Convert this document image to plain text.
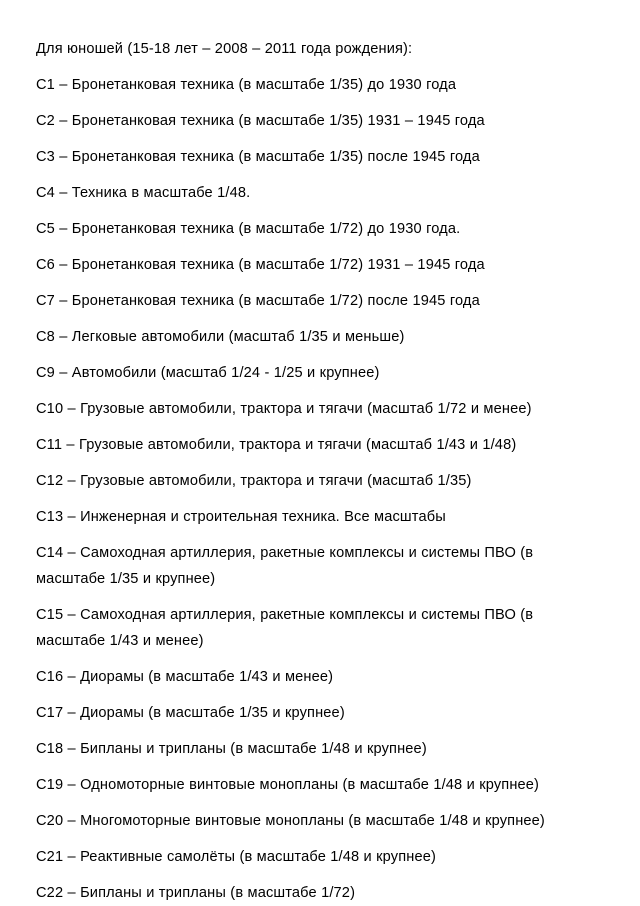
Для юношей (15-18 лет – 2008 – 2011 года рождения):

C1 – Бронетанковая техника (в масштабе 1/35) до 1930 года

C2 – Бронетанковая техника (в масштабе 1/35) 1931 – 1945 года

C3 – Бронетанковая техника (в масштабе 1/35) после 1945 года

C4 – Техника в масштабе 1/48.

C5 – Бронетанковая техника (в масштабе 1/72) до 1930 года.

C6 – Бронетанковая техника (в масштабе 1/72) 1931 – 1945 года

C7 – Бронетанковая техника (в масштабе 1/72) после 1945 года

C8 – Легковые автомобили (масштаб 1/35 и меньше)

C9 – Автомобили (масштаб 1/24 - 1/25 и крупнее)

C10 – Грузовые автомобили, трактора и тягачи (масштаб 1/72 и менее)

C11 – Грузовые автомобили, трактора и тягачи (масштаб 1/43 и 1/48)

C12 – Грузовые автомобили, трактора и тягачи (масштаб 1/35)

C13 – Инженерная и строительная техника. Все масштабы

C14 – Самоходная артиллерия, ракетные комплексы и системы ПВО (в масштабе 1/35 и крупнее)

C15 – Самоходная артиллерия, ракетные комплексы и системы ПВО (в масштабе 1/43 и менее)

C16 – Диорамы (в масштабе 1/43 и менее)

C17 – Диорамы (в масштабе 1/35 и крупнее)

C18 – Бипланы и трипланы (в масштабе 1/48 и крупнее)

C19 – Одномоторные винтовые монопланы (в масштабе 1/48 и крупнее)

C20 – Многомоторные винтовые монопланы (в масштабе 1/48 и крупнее)

C21 – Реактивные самолёты (в масштабе 1/48 и крупнее)

C22 – Бипланы и трипланы (в масштабе 1/72)
